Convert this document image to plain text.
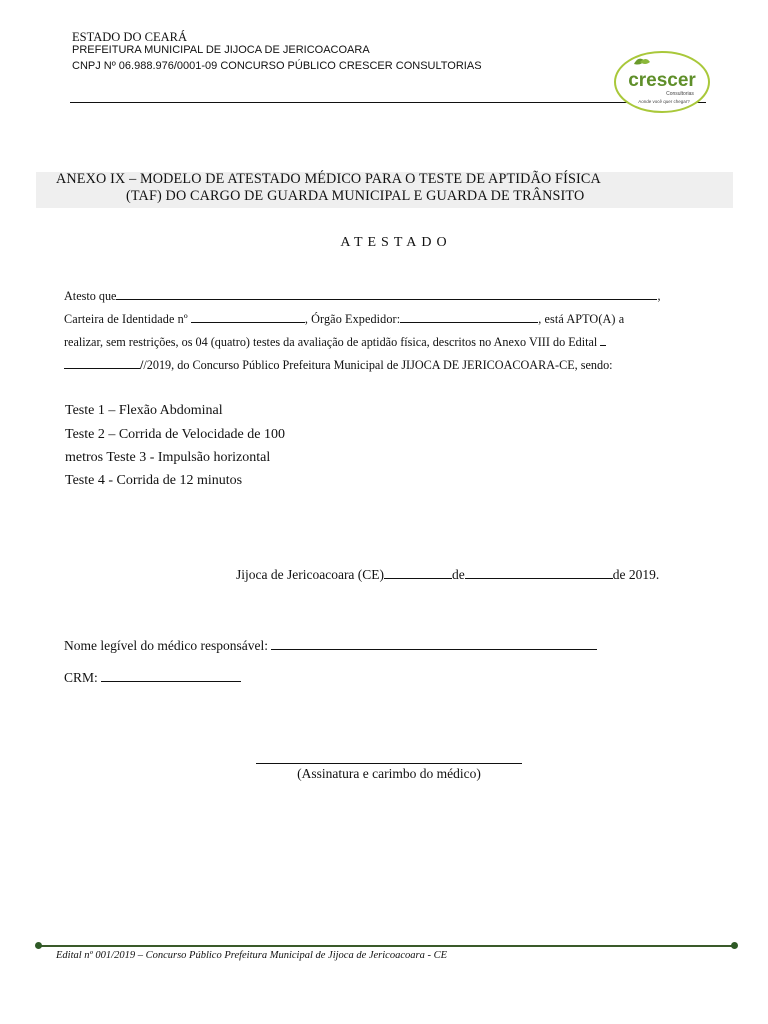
ESTADO DO CEARÁ
PREFEITURA MUNICIPAL DE JIJOCA DE JERICOACOARA
CNPJ Nº 06.988.976/0001-09 CONCURSO PÚBLICO CRESCER CONSULTORIAS
crescer
Consultorias
Aonde você quer chegar?
ANEXO IX – MODELO DE ATESTADO MÉDICO PARA O TESTE DE APTIDÃO FÍSICA
(TAF) DO CARGO DE GUARDA MUNICIPAL E GUARDA DE TRÂNSITO
ATESTADO
Atesto que	,
Carteira de Identidade nº	, Órgão Expedidor:	, está APTO(A) a
realizar, sem restrições, os 04 (quatro) testes da avaliação de aptidão física, descritos no Anexo VIII do Edital
//2019, do Concurso Público Prefeitura Municipal de JIJOCA DE JERICOACOARA-CE, sendo:
Teste 1 – Flexão Abdominal
Teste 2 – Corrida de Velocidade de 100
metros Teste 3 - Impulsão horizontal
Teste 4 - Corrida de 12 minutos
Jijoca de Jericoacoara (CE)	de	de 2019.
Nome legível do médico responsável:
CRM:
(Assinatura e carimbo do médico)
Edital nº 001/2019 – Concurso Público Prefeitura Municipal de Jijoca de Jericoacoara - CE
